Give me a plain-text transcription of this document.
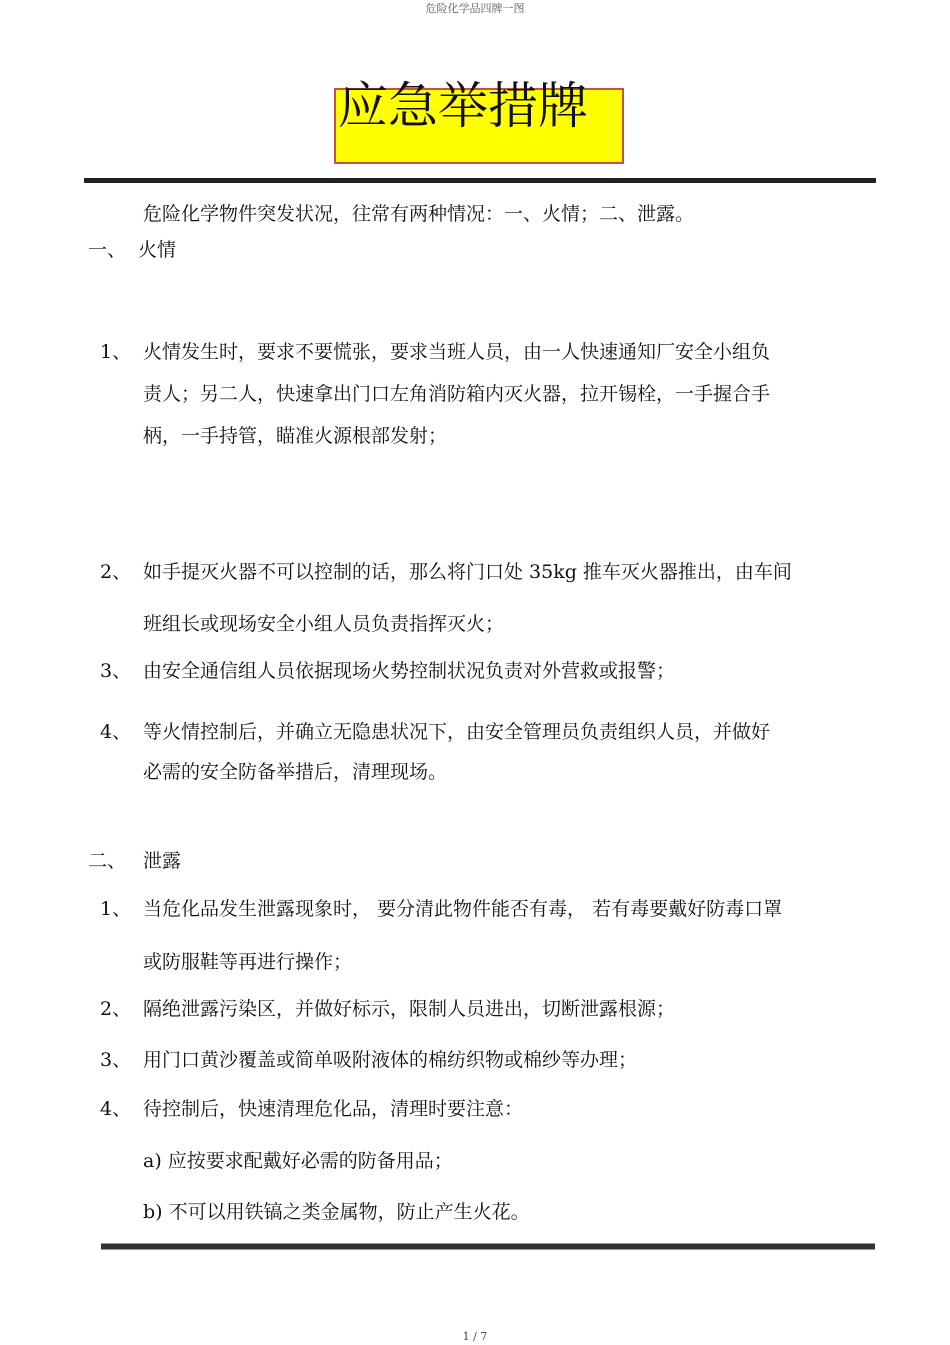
危险化学品四牌一图
应急举措牌
危险化学物件突发状况，往常有两种情况：一、火情；二、泄露。
一、 火情
1、 火情发生时，要求不要慌张，要求当班人员，由一人快速通知厂安全小组负
责人；另二人，快速拿出门口左角消防箱内灭火器，拉开锡栓，一手握合手
柄，一手持管，瞄准火源根部发射；
2、 如手提灭火器不可以控制的话，那么将门口处 35kg 推车灭火器推出，由车间
班组长或现场安全小组人员负责指挥灭火；
3、 由安全通信组人员依据现场火势控制状况负责对外营救或报警；
4、 等火情控制后，并确立无隐患状况下，由安全管理员负责组织人员，并做好
必需的安全防备举措后，清理现场。
二、 泄露
1、 当危化品发生泄露现象时， 要分清此物件能否有毒， 若有毒要戴好防毒口罩
或防服鞋等再进行操作；
2、 隔绝泄露污染区，并做好标示，限制人员进出，切断泄露根源；
3、 用门口黄沙覆盖或简单吸附液体的棉纺织物或棉纱等办理；
4、 待控制后，快速清理危化品，清理时要注意：
a) 应按要求配戴好必需的防备用品；
b) 不可以用铁镐之类金属物，防止产生火花。
1 / 7
